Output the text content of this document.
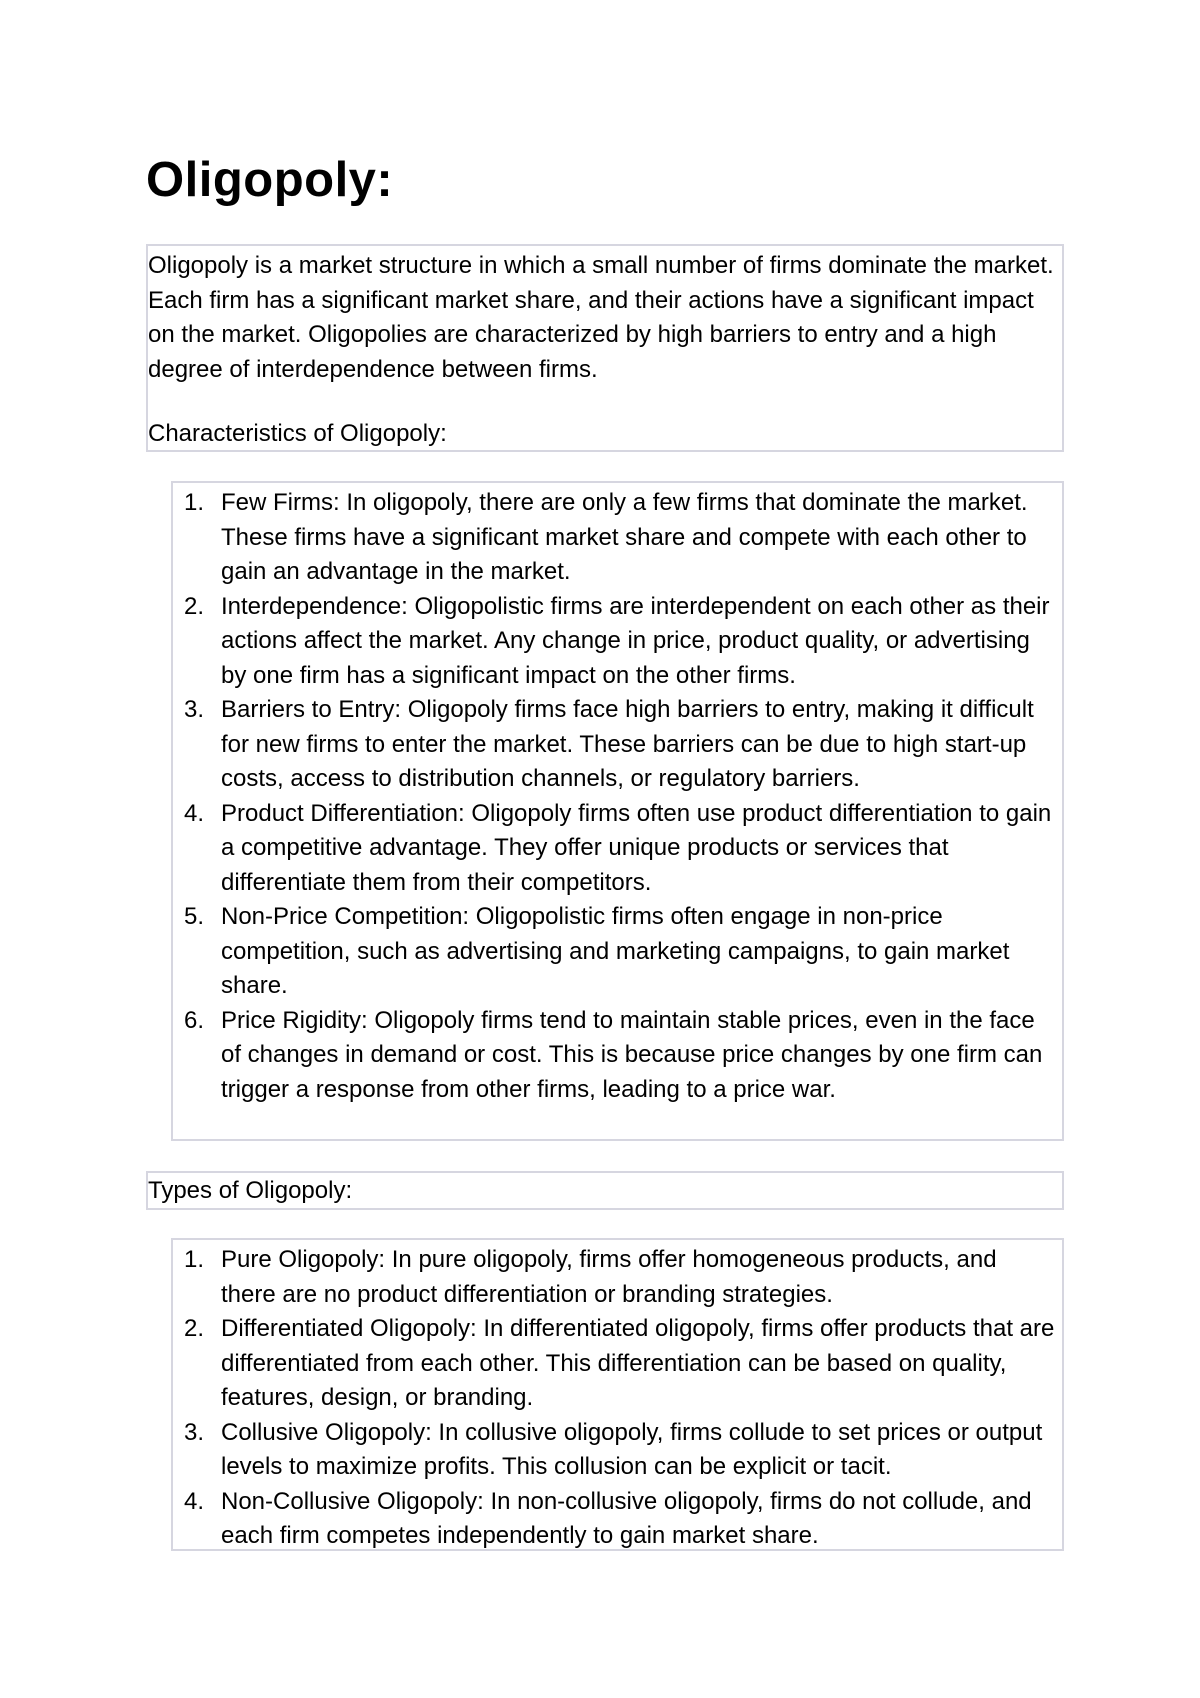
Oligopoly:

Oligopoly is a market structure in which a small number of firms dominate the market. Each firm has a significant market share, and their actions have a significant impact on the market. Oligopolies are characterized by high barriers to entry and a high degree of interdependence between firms.

Characteristics of Oligopoly:

1. Few Firms: In oligopoly, there are only a few firms that dominate the market. These firms have a significant market share and compete with each other to gain an advantage in the market.
2. Interdependence: Oligopolistic firms are interdependent on each other as their actions affect the market. Any change in price, product quality, or advertising by one firm has a significant impact on the other firms.
3. Barriers to Entry: Oligopoly firms face high barriers to entry, making it difficult for new firms to enter the market. These barriers can be due to high start-up costs, access to distribution channels, or regulatory barriers.
4. Product Differentiation: Oligopoly firms often use product differentiation to gain a competitive advantage. They offer unique products or services that differentiate them from their competitors.
5. Non-Price Competition: Oligopolistic firms often engage in non-price competition, such as advertising and marketing campaigns, to gain market share.
6. Price Rigidity: Oligopoly firms tend to maintain stable prices, even in the face of changes in demand or cost. This is because price changes by one firm can trigger a response from other firms, leading to a price war.
Types of Oligopoly:
1. Pure Oligopoly: In pure oligopoly, firms offer homogeneous products, and there are no product differentiation or branding strategies.
2. Differentiated Oligopoly: In differentiated oligopoly, firms offer products that are differentiated from each other. This differentiation can be based on quality, features, design, or branding.
3. Collusive Oligopoly: In collusive oligopoly, firms collude to set prices or output levels to maximize profits. This collusion can be explicit or tacit.
4. Non-Collusive Oligopoly: In non-collusive oligopoly, firms do not collude, and each firm competes independently to gain market share.
